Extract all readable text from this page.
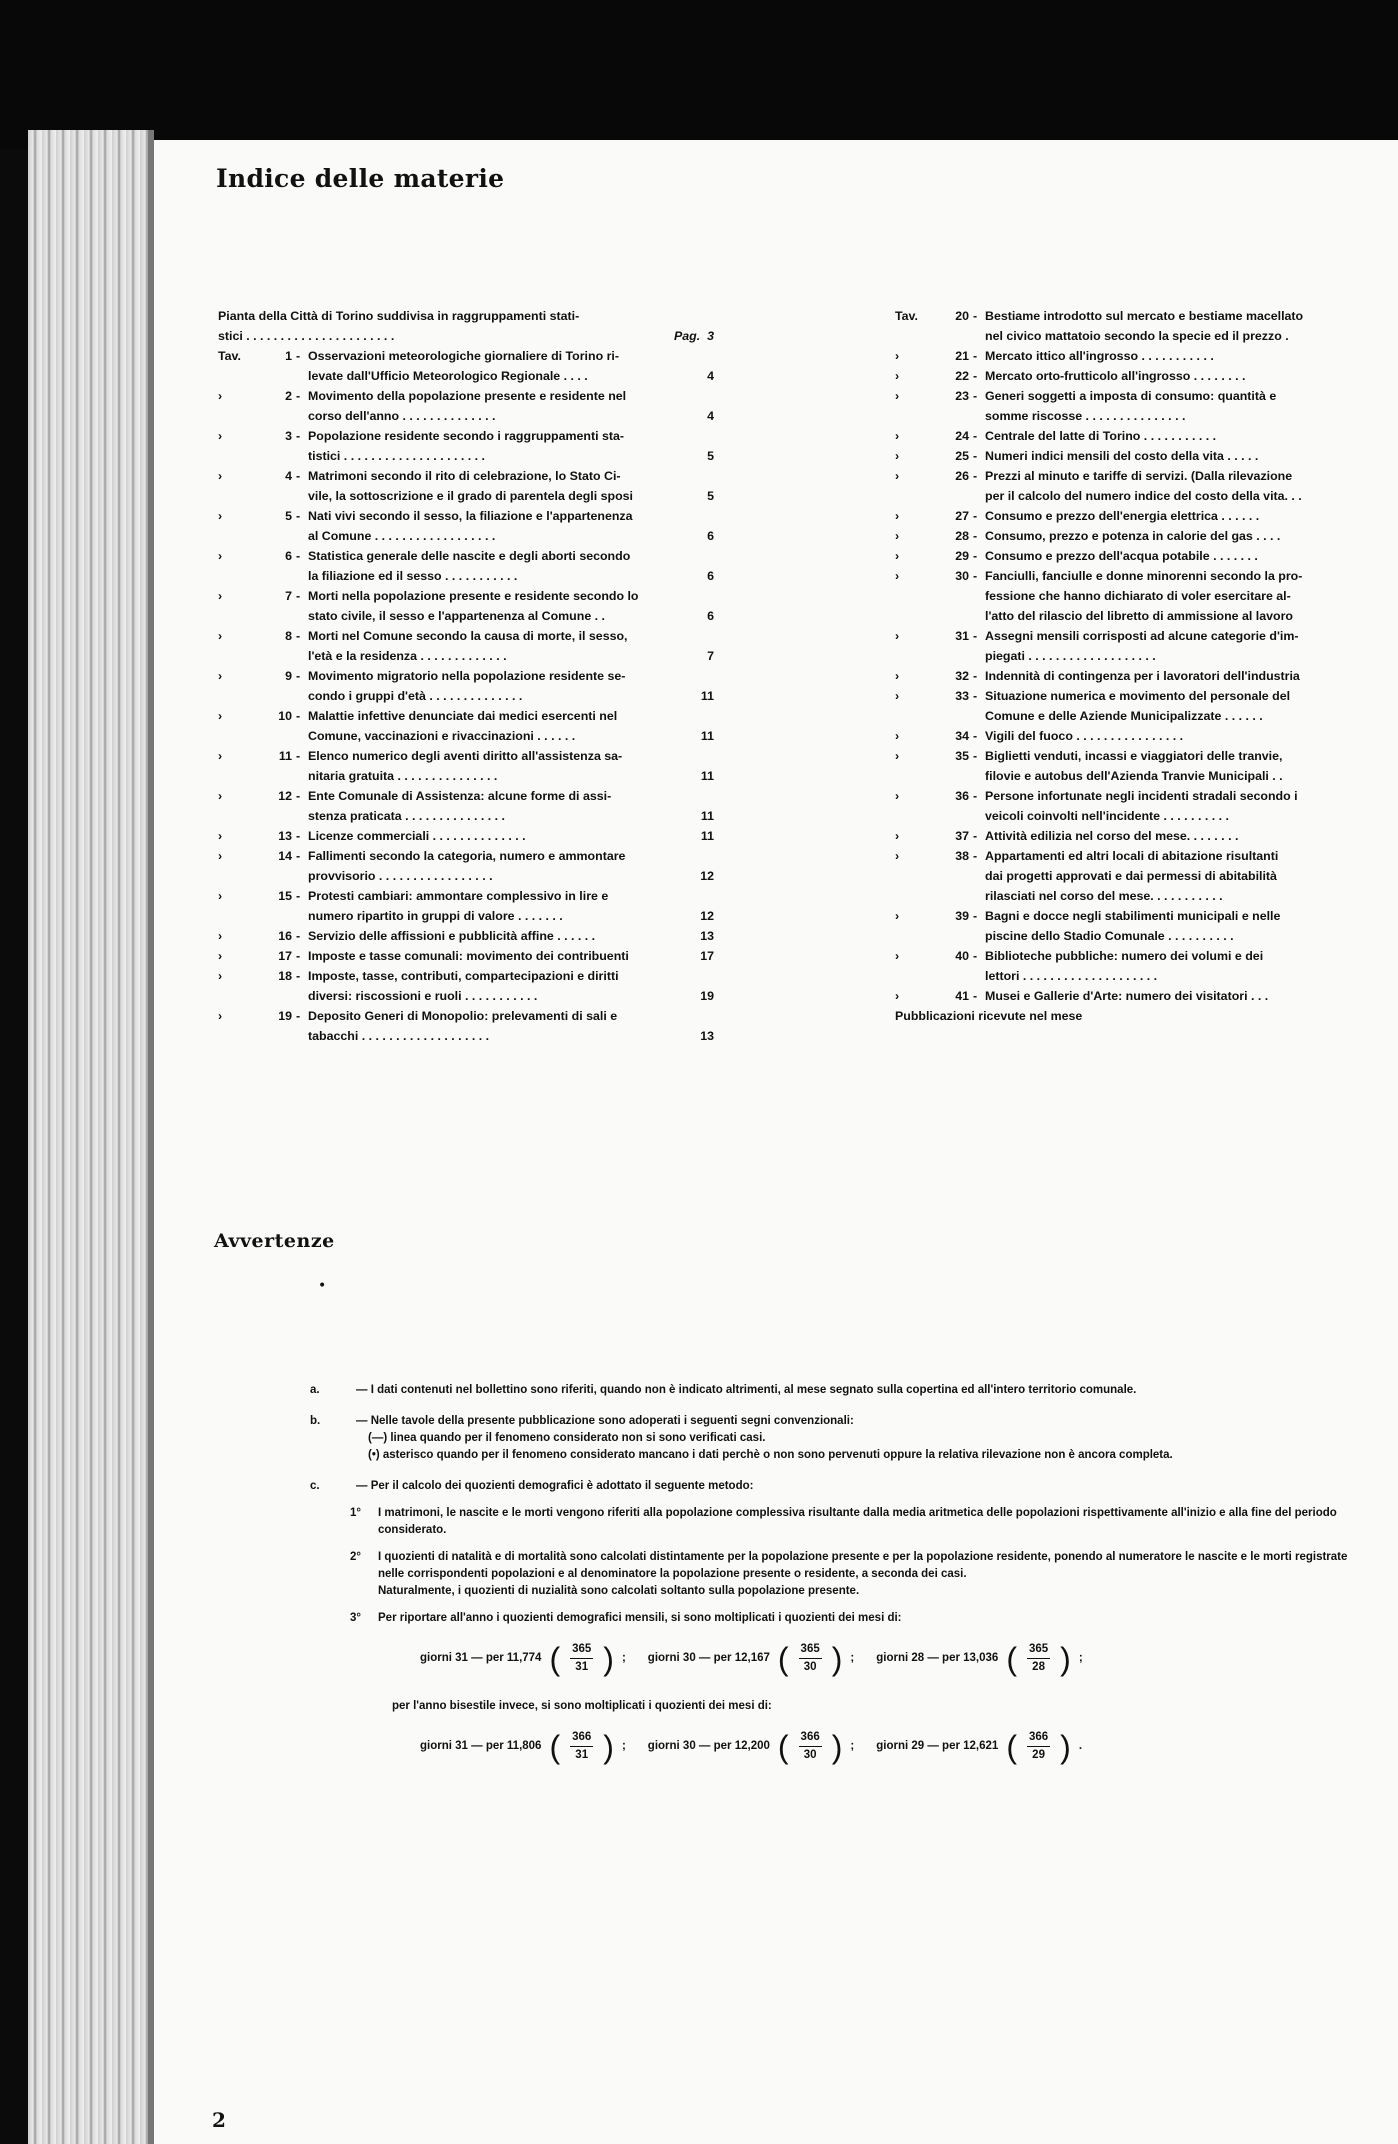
Indice delle materie
Pianta della Città di Torino suddivisa in raggruppamenti stati-
stici . . . . . . . . . . . . . . . . . . . . . .	Pag. 3
Tav.	1 - Osservazioni meteorologiche giornaliere di Torino ri-
levate dall'Ufficio Meteorologico Regionale . . . .	4
›	2 - Movimento della popolazione presente e residente nel
corso dell'anno . . . . . . . . . . . . . .	4
›	3 - Popolazione residente secondo i raggruppamenti sta-
tistici . . . . . . . . . . . . . . . . . . . . .	5
›	4 - Matrimoni secondo il rito di celebrazione, lo Stato Ci-
vile, la sottoscrizione e il grado di parentela degli sposi	5
›	5 - Nati vivi secondo il sesso, la filiazione e l'appartenenza
al Comune . . . . . . . . . . . . . . . . . .	6
›	6 - Statistica generale delle nascite e degli aborti secondo
la filiazione ed il sesso . . . . . . . . . . .	6
›	7 - Morti nella popolazione presente e residente secondo lo
stato civile, il sesso e l'appartenenza al Comune . .	6
›	8 - Morti nel Comune secondo la causa di morte, il sesso,
l'età e la residenza . . . . . . . . . . . . .	7
›	9 - Movimento migratorio nella popolazione residente se-
condo i gruppi d'età . . . . . . . . . . . . . .	11
›	10 - Malattie infettive denunciate dai medici esercenti nel
Comune, vaccinazioni e rivaccinazioni . . . . . .	11
›	11 - Elenco numerico degli aventi diritto all'assistenza sa-
nitaria gratuita . . . . . . . . . . . . . . .	11
›	12 - Ente Comunale di Assistenza: alcune forme di assi-
stenza praticata . . . . . . . . . . . . . . .	11
›	13 - Licenze commerciali . . . . . . . . . . . . . .	11
›	14 - Fallimenti secondo la categoria, numero e ammontare
provvisorio . . . . . . . . . . . . . . . . .	12
›	15 - Protesti cambiari: ammontare complessivo in lire e
numero ripartito in gruppi di valore . . . . . . .	12
›	16 - Servizio delle affissioni e pubblicità affine . . . . . .	13
›	17 - Imposte e tasse comunali: movimento dei contribuenti	17
›	18 - Imposte, tasse, contributi, compartecipazioni e diritti
diversi: riscossioni e ruoli . . . . . . . . . . .	19
›	19 - Deposito Generi di Monopolio: prelevamenti di sali e
tabacchi . . . . . . . . . . . . . . . . . . .	13
Tav.	20 - Bestiame introdotto sul mercato e bestiame macellato
nel civico mattatoio secondo la specie ed il prezzo .
›	21 - Mercato ittico all'ingrosso . . . . . . . . . . .
›	22 - Mercato orto-frutticolo all'ingrosso . . . . . . . .
›	23 - Generi soggetti a imposta di consumo: quantità e
somme riscosse . . . . . . . . . . . . . . .
›	24 - Centrale del latte di Torino . . . . . . . . . . .
›	25 - Numeri indici mensili del costo della vita . . . . .
›	26 - Prezzi al minuto e tariffe di servizi. (Dalla rilevazione
per il calcolo del numero indice del costo della vita. . .
›	27 - Consumo e prezzo dell'energia elettrica . . . . . .
›	28 - Consumo, prezzo e potenza in calorie del gas . . . .
›	29 - Consumo e prezzo dell'acqua potabile . . . . . . .
›	30 - Fanciulli, fanciulle e donne minorenni secondo la pro-
fessione che hanno dichiarato di voler esercitare al-
l'atto del rilascio del libretto di ammissione al lavoro
›	31 - Assegni mensili corrisposti ad alcune categorie d'im-
piegati . . . . . . . . . . . . . . . . . . .
›	32 - Indennità di contingenza per i lavoratori dell'industria
›	33 - Situazione numerica e movimento del personale del
Comune e delle Aziende Municipalizzate . . . . . .
›	34 - Vigili del fuoco . . . . . . . . . . . . . . . .
›	35 - Biglietti venduti, incassi e viaggiatori delle tranvie,
filovie e autobus dell'Azienda Tranvie Municipali . .
›	36 - Persone infortunate negli incidenti stradali secondo i
veicoli coinvolti nell'incidente . . . . . . . . . .
›	37 - Attività edilizia nel corso del mese. . . . . . . .
›	38 - Appartamenti ed altri locali di abitazione risultanti
dai progetti approvati e dai permessi di abitabilità
rilasciati nel corso del mese. . . . . . . . . . .
›	39 - Bagni e docce negli stabilimenti municipali e nelle
piscine dello Stadio Comunale . . . . . . . . . .
›	40 - Biblioteche pubbliche: numero dei volumi e dei
lettori . . . . . . . . . . . . . . . . . . . .
›	41 - Musei e Gallerie d'Arte: numero dei visitatori . . .
Pubblicazioni ricevute nel mese
Avvertenze
•
a.	— I dati contenuti nel bollettino sono riferiti, quando non è indicato altrimenti, al mese segnato sulla copertina ed all'intero territorio comunale.
b.	— Nelle tavole della presente pubblicazione sono adoperati i seguenti segni convenzionali:
(—) linea quando per il fenomeno considerato non si sono verificati casi.
(•) asterisco quando per il fenomeno considerato mancano i dati perchè o non sono pervenuti oppure la relativa rilevazione non è ancora completa.
c.	— Per il calcolo dei quozienti demografici è adottato il seguente metodo:
1°	I matrimoni, le nascite e le morti vengono riferiti alla popolazione complessiva risultante dalla media aritmetica delle popolazioni rispettivamente all'inizio e alla fine del periodo considerato.
2°	I quozienti di natalità e di mortalità sono calcolati distintamente per la popolazione presente e per la popolazione residente, ponendo al numeratore le nascite e le morti registrate nelle corrispondenti popolazioni e al denominatore la popolazione presente o residente, a seconda dei casi.
Naturalmente, i quozienti di nuzialità sono calcolati soltanto sulla popolazione presente.
3°	Per riportare all'anno i quozienti demografici mensili, si sono moltiplicati i quozienti dei mesi di:
giorni 31 — per 11,774 ( $\frac{365}{31}$ ) ; giorni 30 — per 12,167 ( $\frac{365}{30}$ ) ; giorni 28 — per 13,036 ( $\frac{365}{28}$ ) ;
per l'anno bisestile invece, si sono moltiplicati i quozienti dei mesi di:
giorni 31 — per 11,806 ( $\frac{366}{31}$ ) ; giorni 30 — per 12,200 ( $\frac{366}{30}$ ) ; giorni 29 — per 12,621 ( $\frac{366}{29}$ ) .
2
